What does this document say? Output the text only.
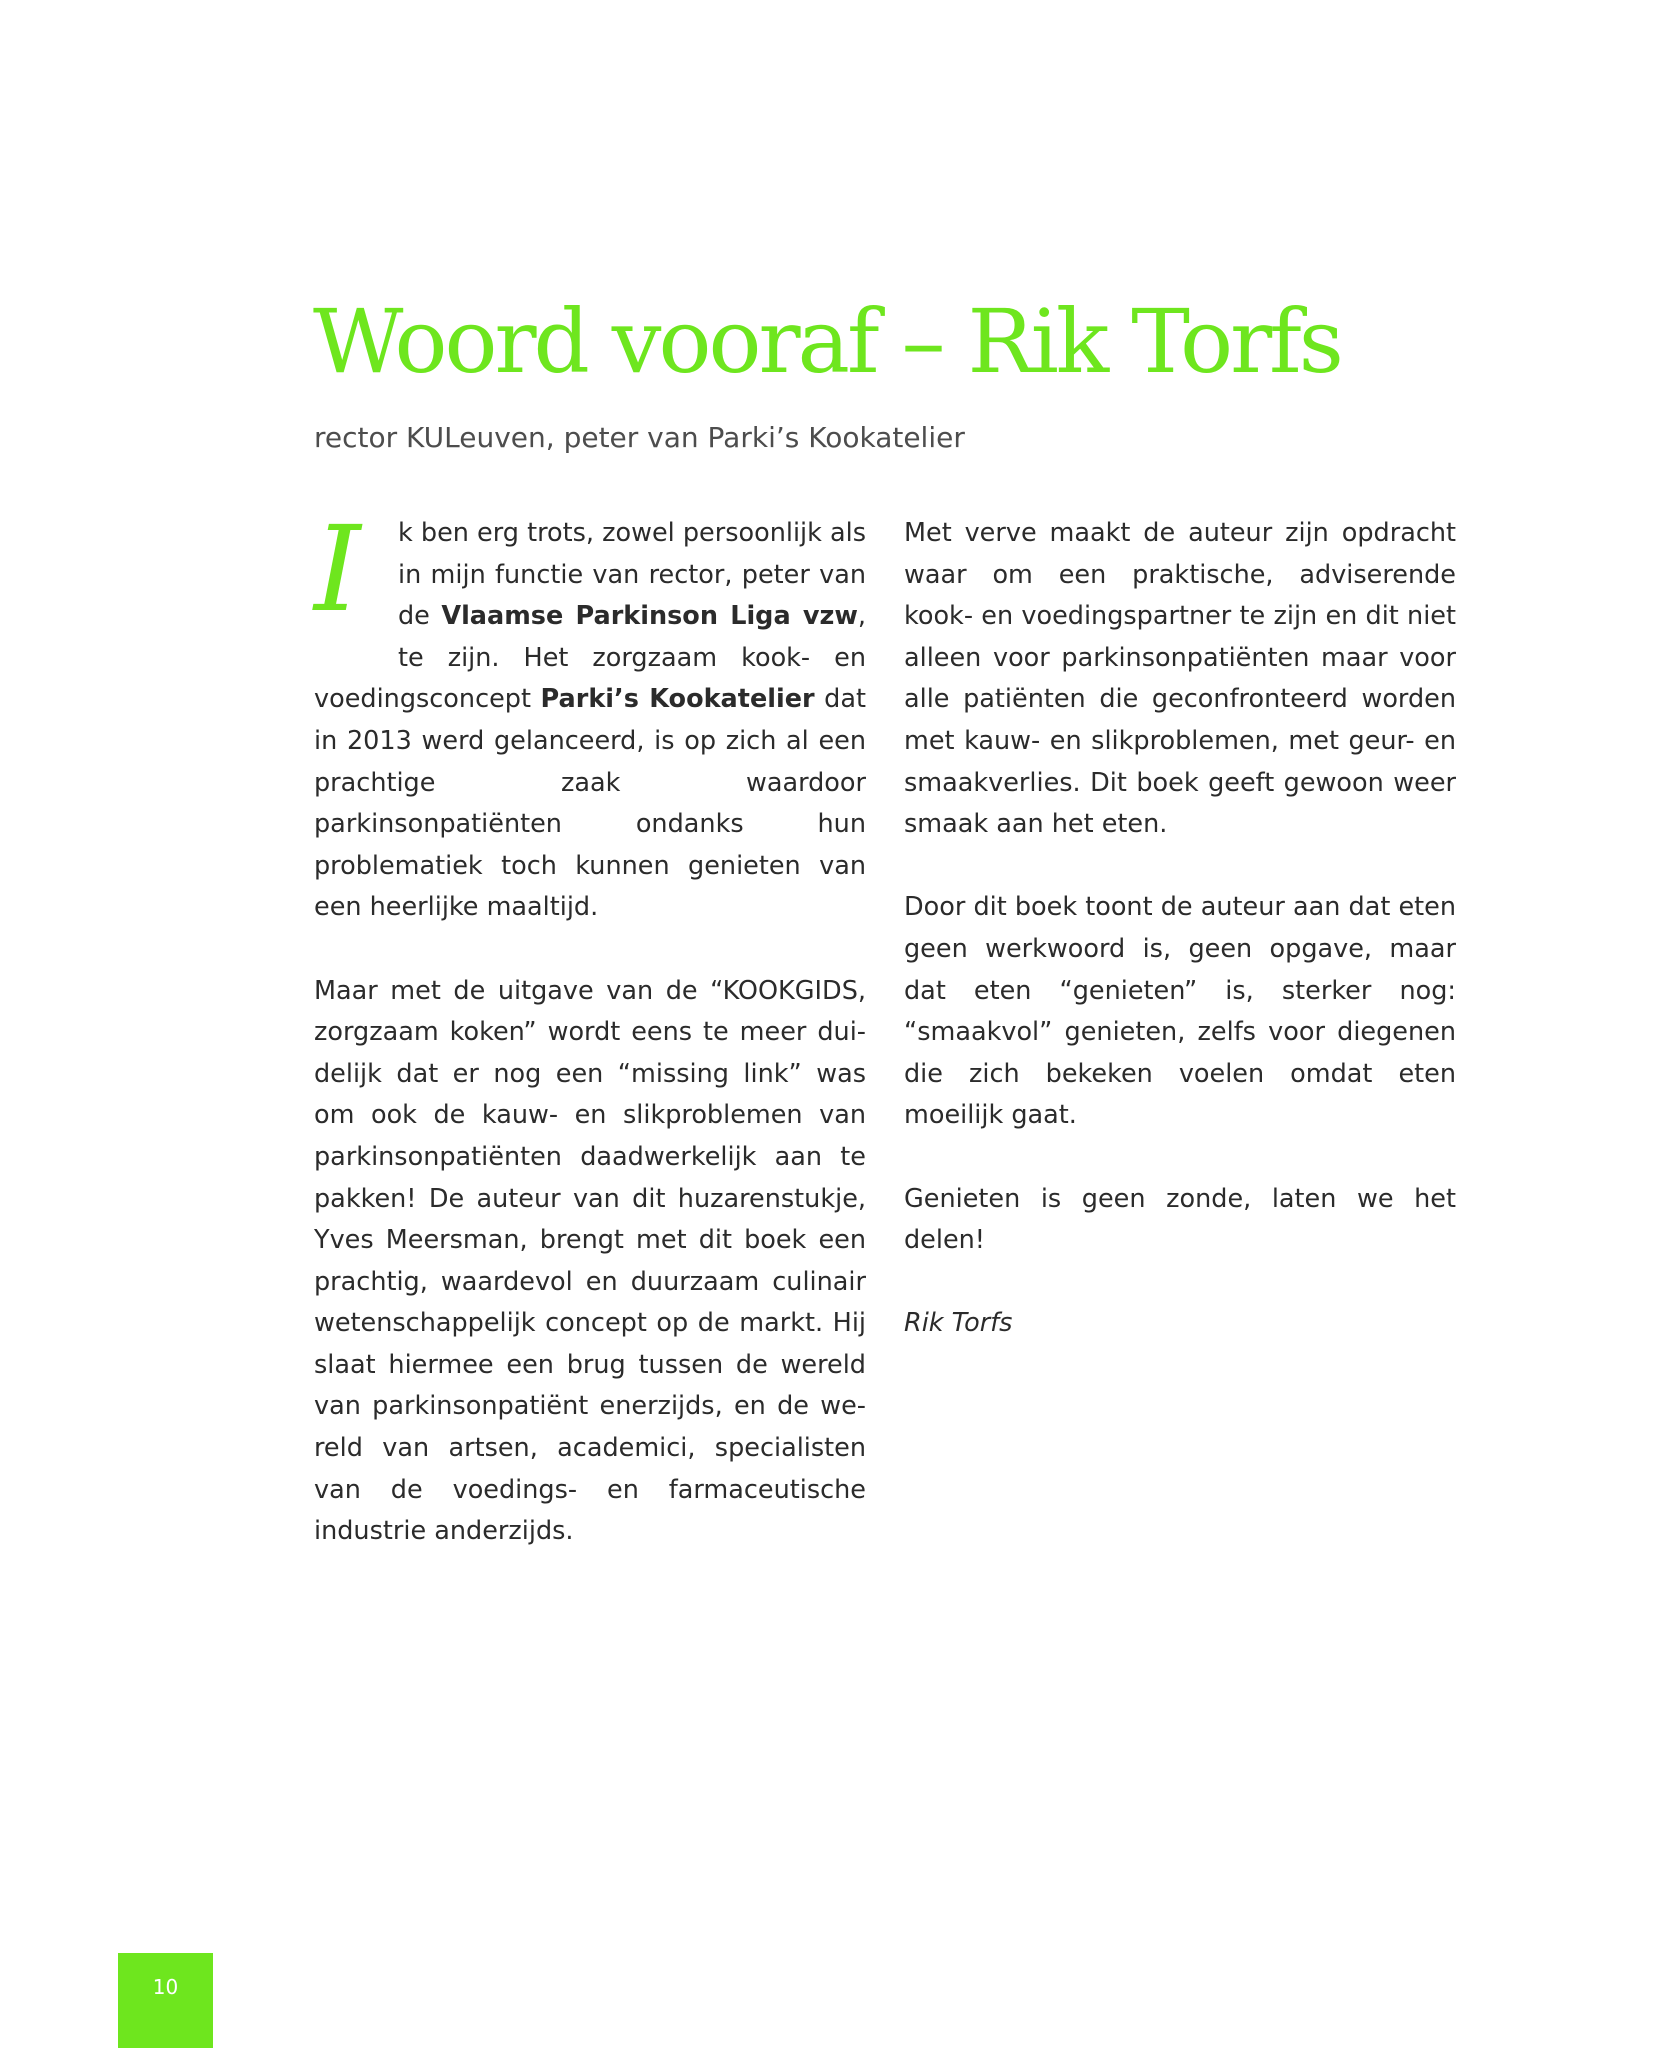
Woord vooraf – Rik Torfs
rector KULeuven, peter van Parki’s Kookatelier

I	k ben erg trots, zowel persoonlijk als in mijn functie van rector, peter van de Vlaamse Parkinson Liga vzw, te zijn. Het zorgzaam kook- en voedingsconcept Parki’s Kookatelier dat in 2013 werd gelanceerd, is op zich al een prachtige zaak waardoor parkinsonpatiënten ondanks hun problematiek toch kunnen genieten van een heerlijke maaltijd.

Maar met de uitgave van de “KOOKGIDS, zorgzaam koken” wordt eens te meer duidelijk dat er nog een “missing link” was om ook de kauw- en slikproblemen van parkinsonpatiënten daadwerkelijk aan te pakken! De auteur van dit huzarenstukje, Yves Meersman, brengt met dit boek een prachtig, waardevol en duurzaam culinair wetenschappelijk concept op de markt. Hij slaat hiermee een brug tussen de wereld van parkinsonpatiënt enerzijds, en de wereld van artsen, academici, specialisten van de voedings- en farmaceutische industrie anderzijds.

Met verve maakt de auteur zijn opdracht waar om een praktische, adviserende kook- en voedingspartner te zijn en dit niet alleen voor parkinsonpatiënten maar voor alle patiënten die geconfronteerd worden met kauw- en slikproblemen, met geur- en smaakverlies. Dit boek geeft gewoon weer smaak aan het eten.

Door dit boek toont de auteur aan dat eten geen werkwoord is, geen opgave, maar dat eten “genieten” is, sterker nog: “smaakvol” genieten, zelfs voor diegenen die zich bekeken voelen omdat eten moeilijk gaat.

Genieten is geen zonde, laten we het delen!

Rik Torfs

10
